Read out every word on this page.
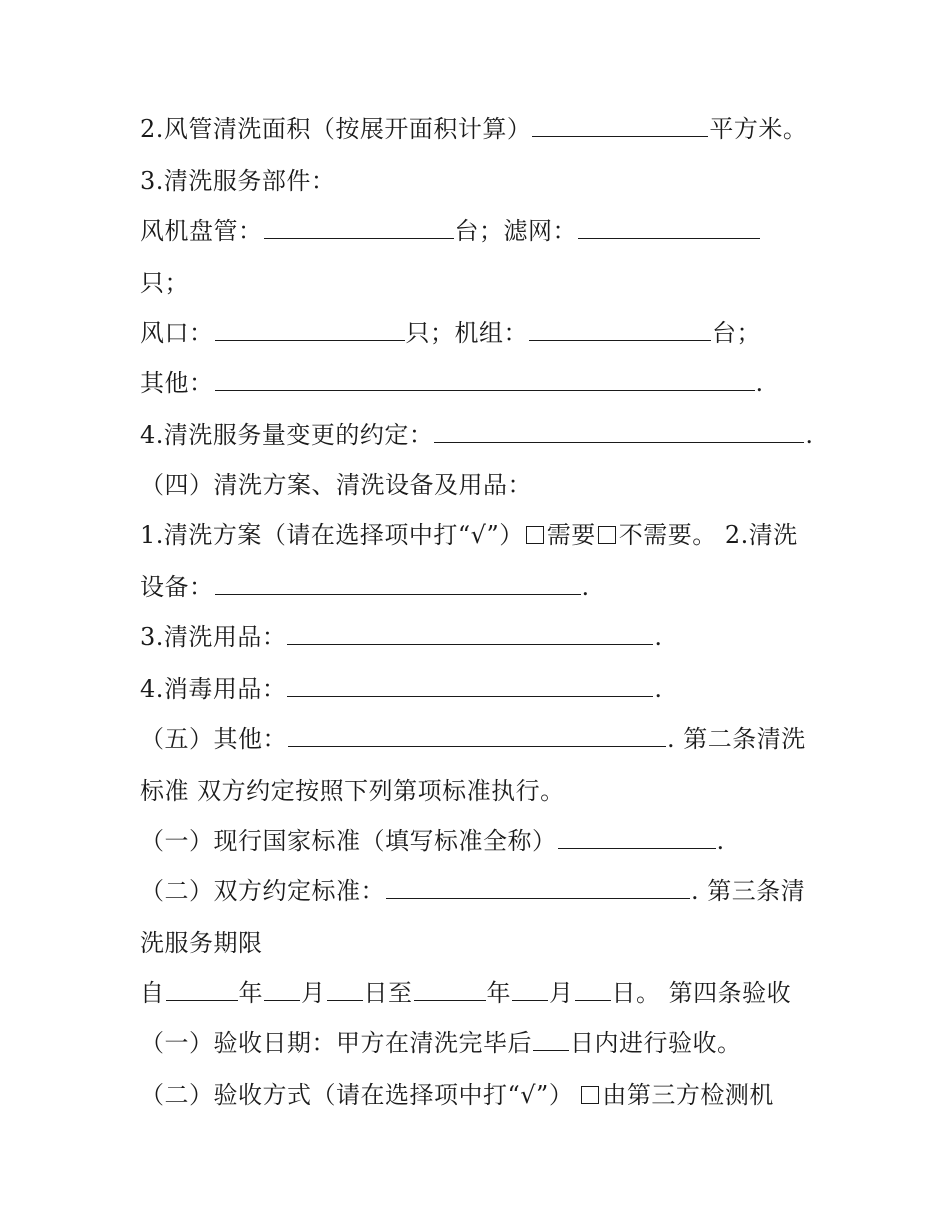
2.风管清洗面积（按展开面积计算）	平方米。
3.清洗服务部件：
风机盘管：	台；滤网：
只；
风口：	只；机组：	台；
其他：	.
4.清洗服务量变更的约定：	.
（四）清洗方案、清洗设备及用品：
1.清洗方案（请在选择项中打“√”） 需要 不需要。 2.清洗
设备：	.
3.清洗用品：	.
4.消毒用品：	.
（五）其他：	. 第二条清洗
标准 双方约定按照下列第项标准执行。
（一）现行国家标准（填写标准全称）	.
（二）双方约定标准：	. 第三条清
洗服务期限
自	年 月 日至	年 月 日。 第四条验收
（一）验收日期：甲方在清洗完毕后 日内进行验收。
（二）验收方式（请在选择项中打“√”） 由第三方检测机
